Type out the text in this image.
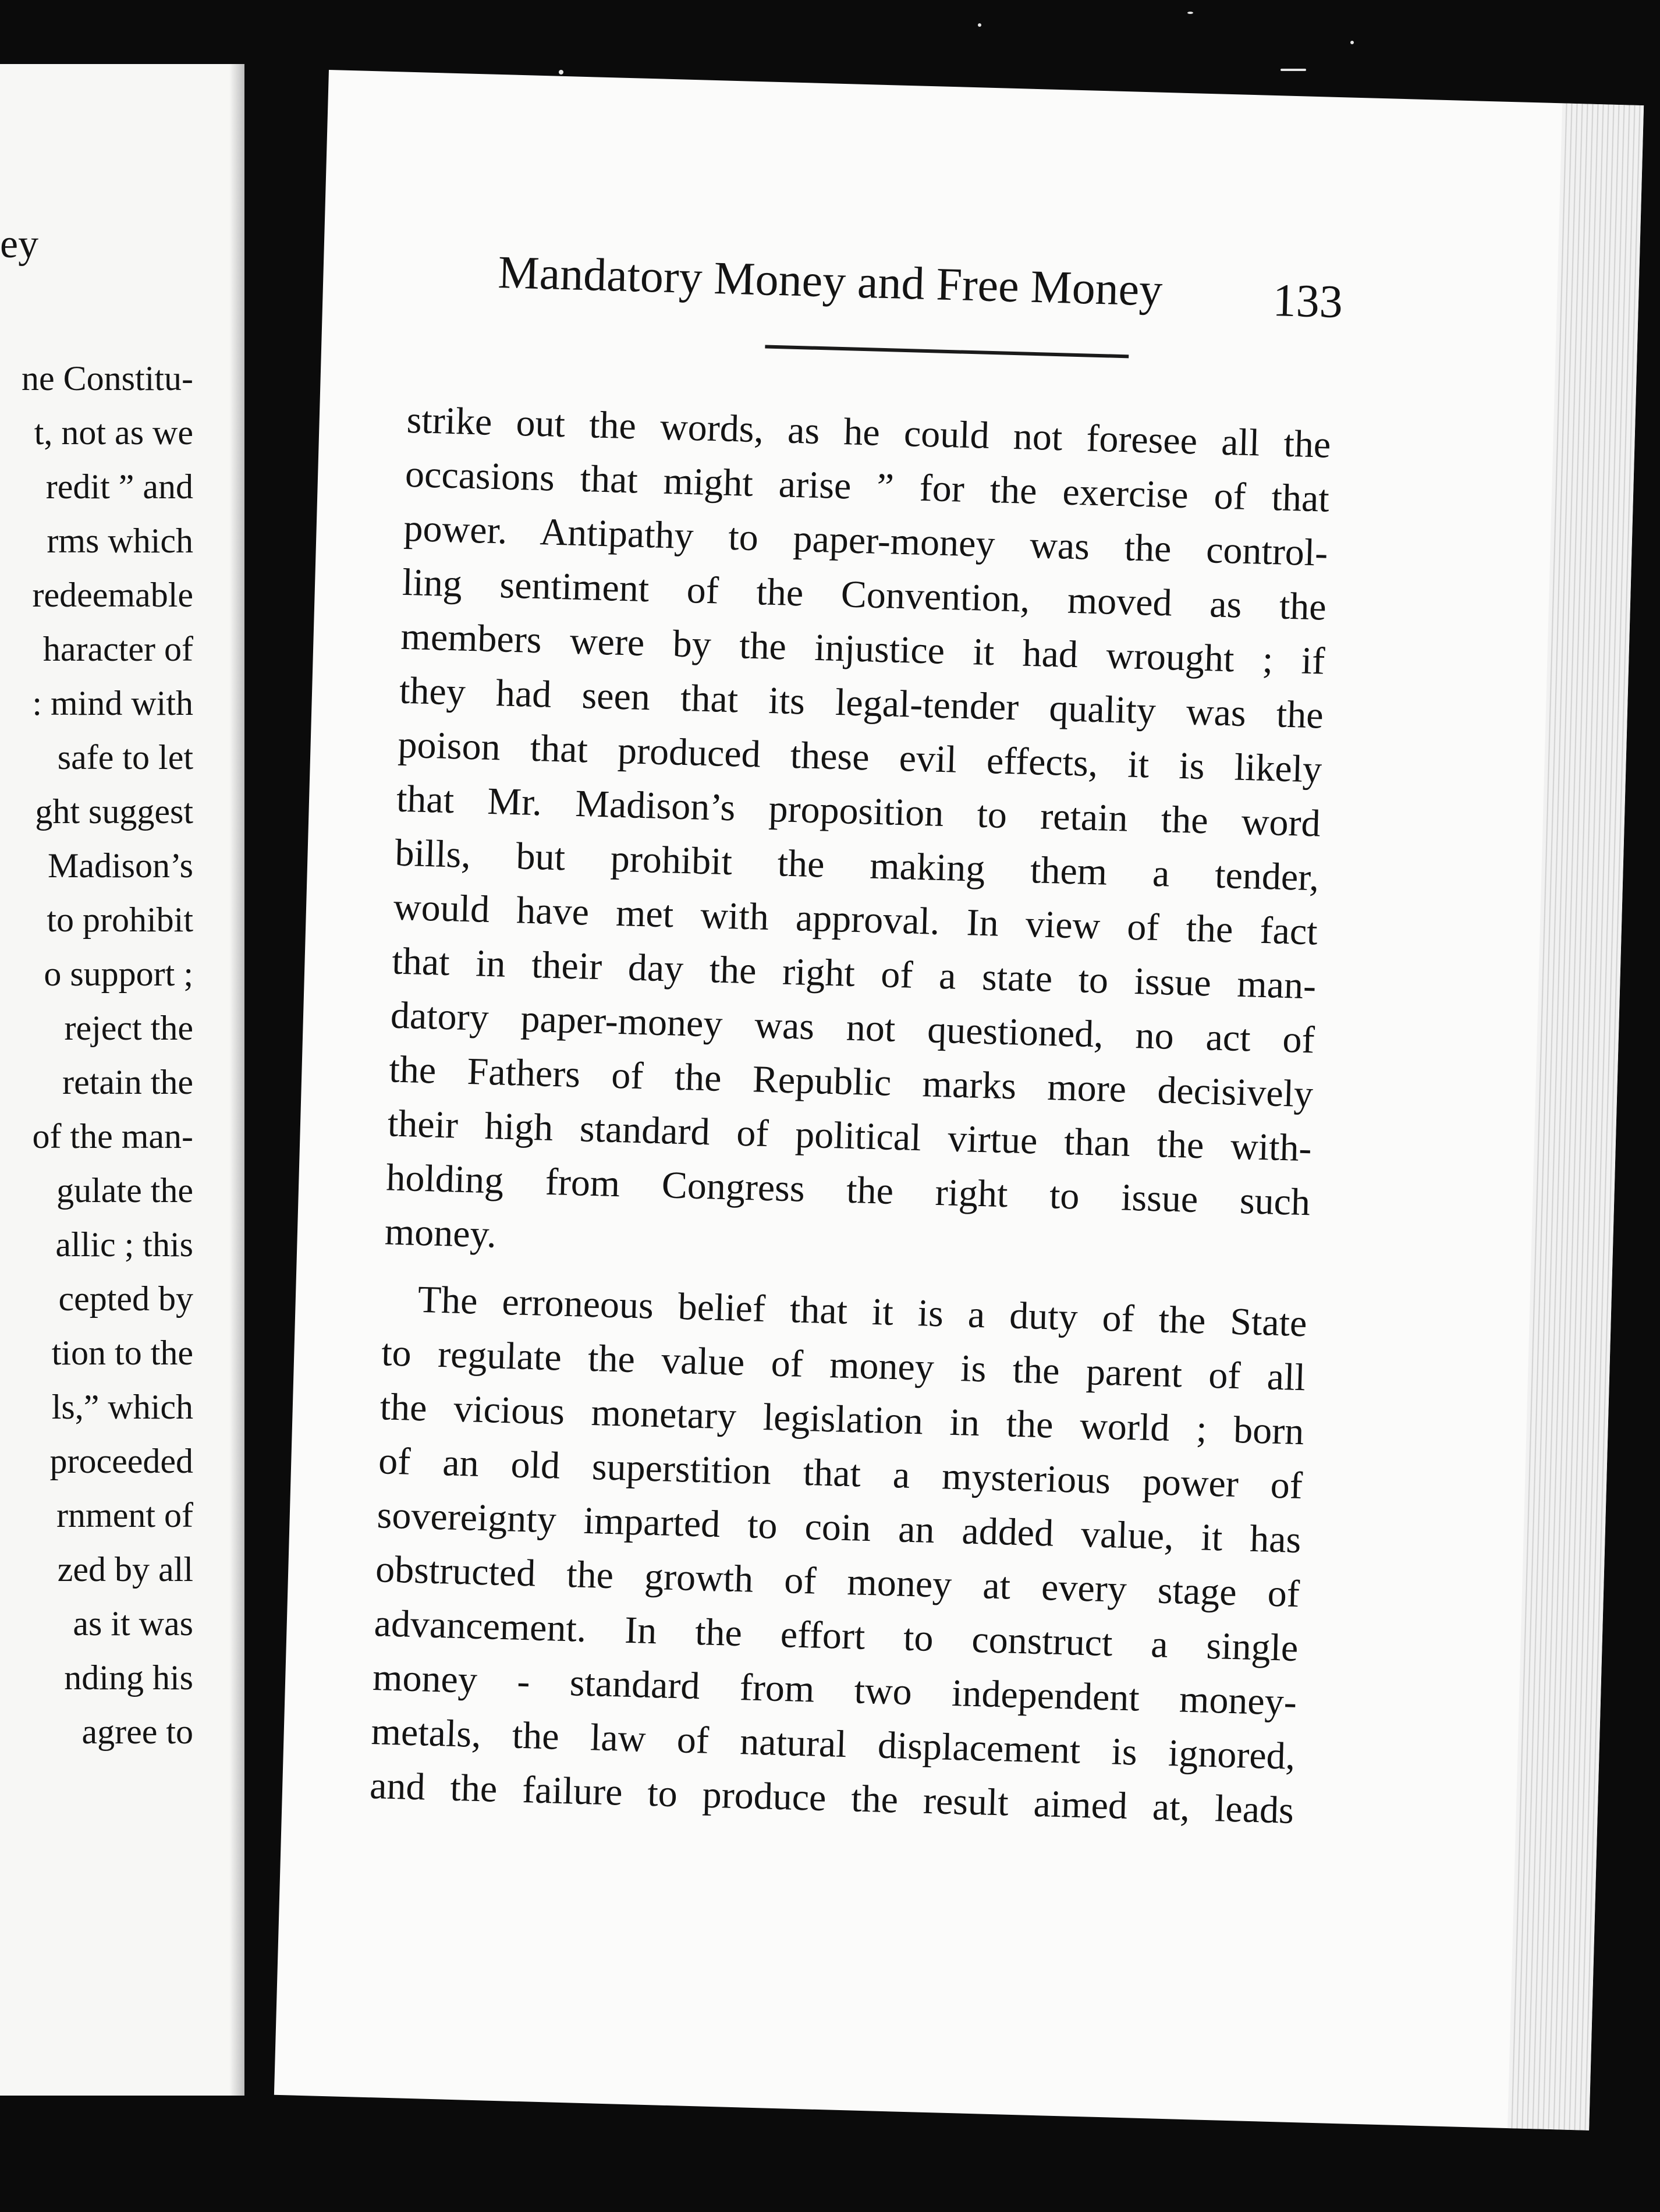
ey

ne Constitu-

t, not as we

redit ” and

rms which

redeemable

haracter of

: mind with

safe to let

ght suggest

Madison’s

to prohibit

o support ;

reject the

retain the

of the man-

gulate the

allic ; this

cepted by

tion to the

ls,” which

proceeded

rnment of

zed by all

as it was

nding his

agree to

Mandatory Money and Free Money 133

strike out the words, as he could not foresee all the

occasions that might arise ” for the exercise of that

power. Antipathy to paper-money was the control-

ling sentiment of the Convention, moved as the

members were by the injustice it had wrought ; if

they had seen that its legal-tender quality was the

poison that produced these evil effects, it is likely

that Mr. Madison’s proposition to retain the word

bills, but prohibit the making them a tender,

would have met with approval. In view of the fact

that in their day the right of a state to issue man-

datory paper-money was not questioned, no act of

the Fathers of the Republic marks more decisively

their high standard of political virtue than the with-

holding from Congress the right to issue such

money.

The erroneous belief that it is a duty of the State

to regulate the value of money is the parent of all

the vicious monetary legislation in the world ; born

of an old superstition that a mysterious power of

sovereignty imparted to coin an added value, it has

obstructed the growth of money at every stage of

advancement. In the effort to construct a single

money - standard from two independent money-

metals, the law of natural displacement is ignored,

and the failure to produce the result aimed at, leads
